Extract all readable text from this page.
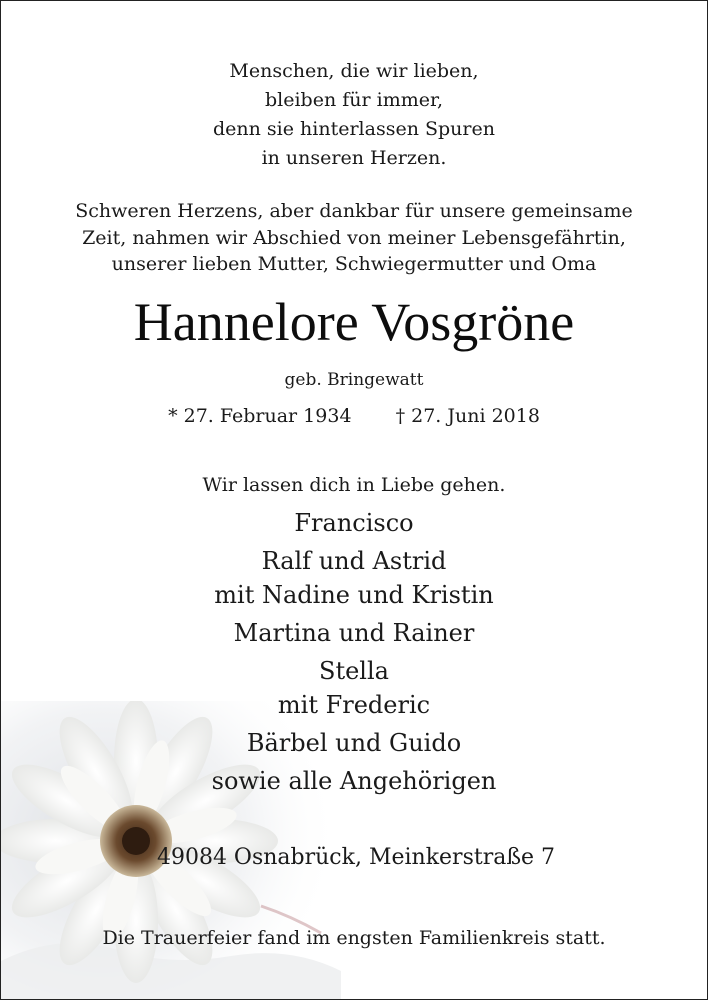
Menschen, die wir lieben,
bleiben für immer,
denn sie hinterlassen Spuren
in unseren Herzen.
Schweren Herzens, aber dankbar für unsere gemeinsame
Zeit, nahmen wir Abschied von meiner Lebensgefährtin,
unserer lieben Mutter, Schwiegermutter und Oma
Hannelore Vosgröne
geb. Bringewatt
* 27. Februar 1934 † 27. Juni 2018
Wir lassen dich in Liebe gehen.
Francisco
Ralf und Astrid
mit Nadine und Kristin
Martina und Rainer
Stella
mit Frederic
Bärbel und Guido
sowie alle Angehörigen
49084 Osnabrück, Meinkerstraße 7
Die Trauerfeier fand im engsten Familienkreis statt.
